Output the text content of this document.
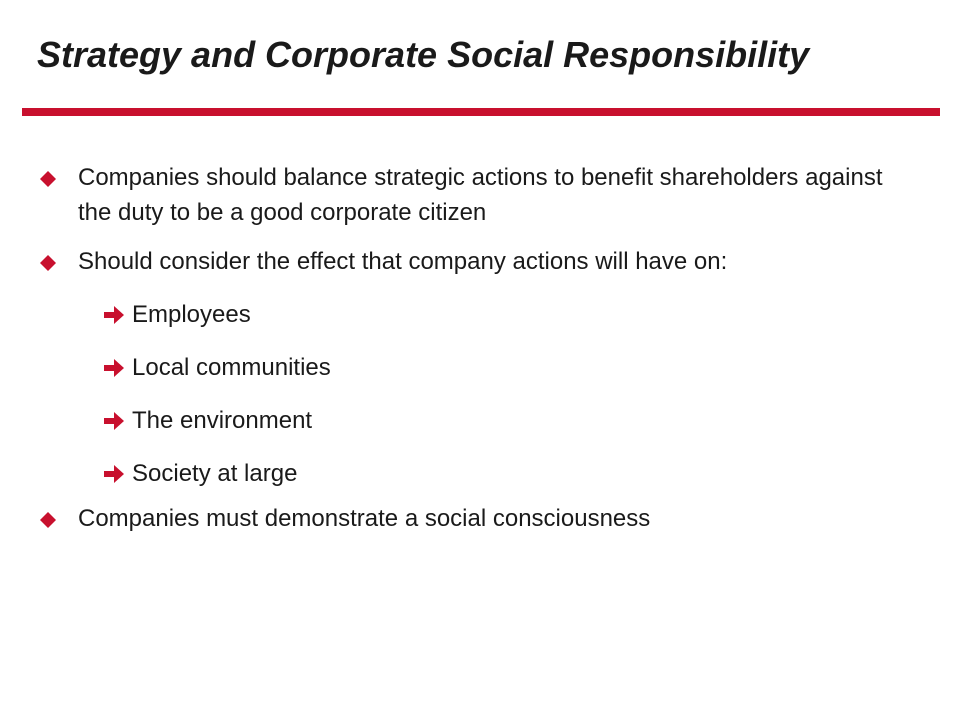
Strategy and Corporate Social Responsibility
Companies should balance strategic actions to benefit shareholders against the duty to be a good corporate citizen
Should consider the effect that company actions will have on:
Employees
Local communities
The environment
Society at large
Companies must demonstrate a social consciousness
